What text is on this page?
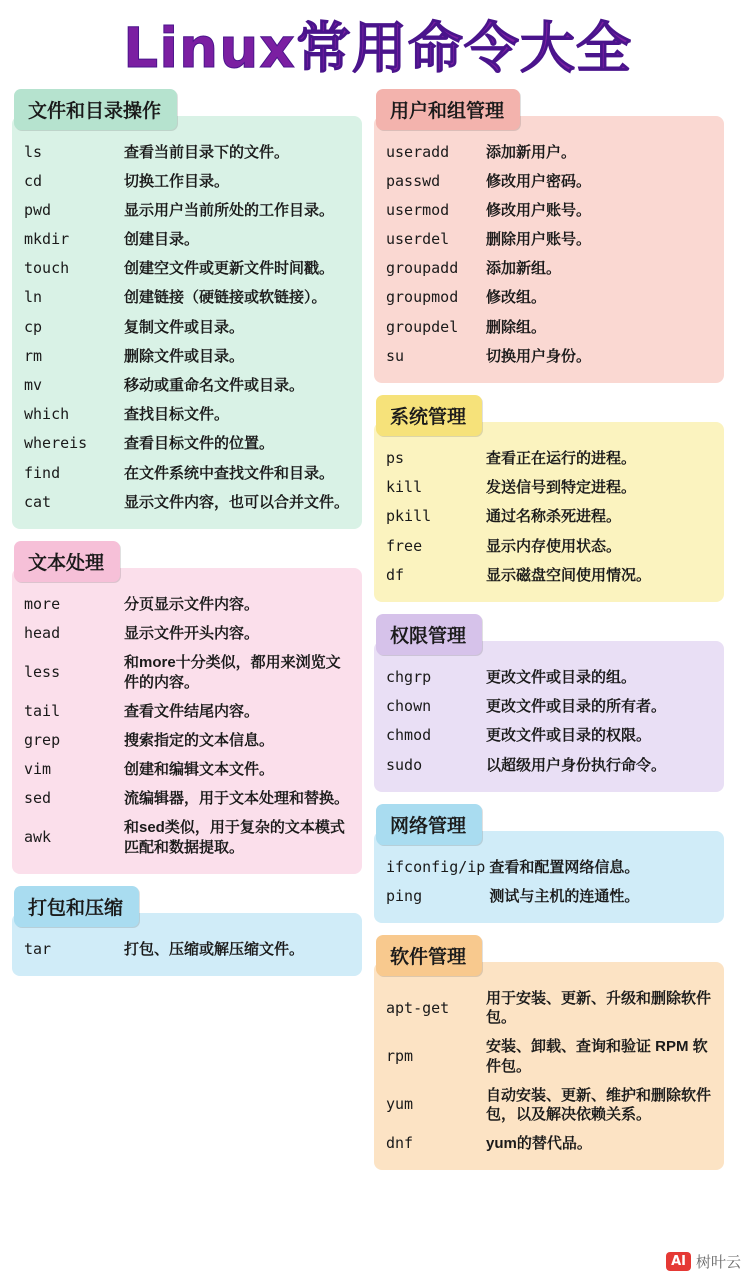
Linux常用命令大全
文件和目录操作
ls	查看当前目录下的文件。
cd	切换工作目录。
pwd	显示用户当前所处的工作目录。
mkdir	创建目录。
touch	创建空文件或更新文件时间戳。
ln	创建链接（硬链接或软链接）。
cp	复制文件或目录。
rm	删除文件或目录。
mv	移动或重命名文件或目录。
which	查找目标文件。
whereis	查看目标文件的位置。
find	在文件系统中查找文件和目录。
cat	显示文件内容，也可以合并文件。
文本处理
more	分页显示文件内容。
head	显示文件开头内容。
less	和more十分类似，都用来浏览文件的内容。
tail	查看文件结尾内容。
grep	搜索指定的文本信息。
vim	创建和编辑文本文件。
sed	流编辑器，用于文本处理和替换。
awk	和sed类似，用于复杂的文本模式匹配和数据提取。
打包和压缩
tar	打包、压缩或解压缩文件。
用户和组管理
useradd	添加新用户。
passwd	修改用户密码。
usermod	修改用户账号。
userdel	删除用户账号。
groupadd	添加新组。
groupmod	修改组。
groupdel	删除组。
su	切换用户身份。
系统管理
ps	查看正在运行的进程。
kill	发送信号到特定进程。
pkill	通过名称杀死进程。
free	显示内存使用状态。
df	显示磁盘空间使用情况。
权限管理
chgrp	更改文件或目录的组。
chown	更改文件或目录的所有者。
chmod	更改文件或目录的权限。
sudo	以超级用户身份执行命令。
网络管理
ifconfig/ip	查看和配置网络信息。
ping	测试与主机的连通性。
软件管理
apt-get	用于安装、更新、升级和删除软件包。
rpm	安装、卸载、查询和验证 RPM 软件包。
yum	自动安装、更新、维护和删除软件包，以及解决依赖关系。
dnf	yum的替代品。
AI 树叶云
